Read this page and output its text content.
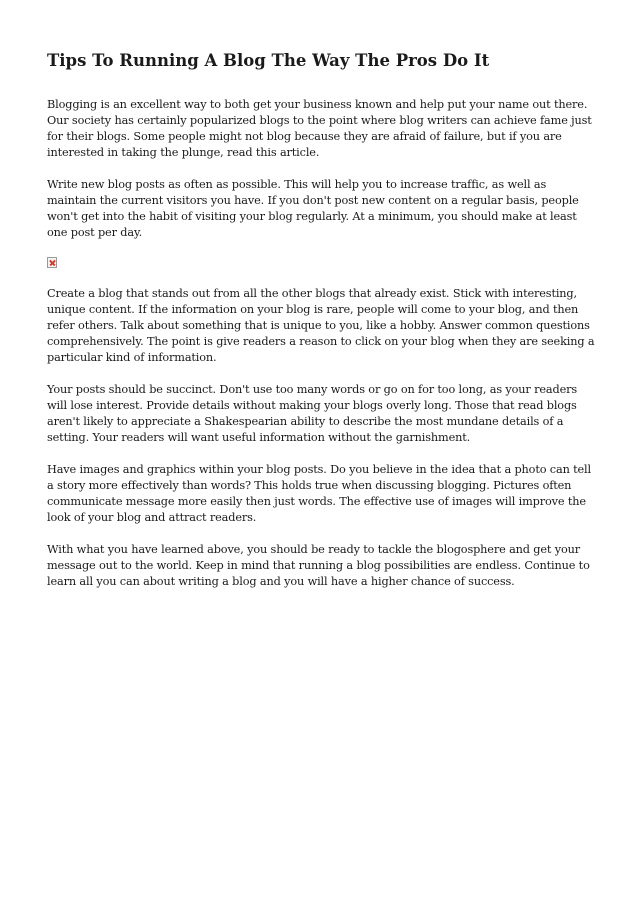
Tips To Running A Blog The Way The Pros Do It

Blogging is an excellent way to both get your business known and help put your name out there. Our society has certainly popularized blogs to the point where blog writers can achieve fame just for their blogs. Some people might not blog because they are afraid of failure, but if you are interested in taking the plunge, read this article.

Write new blog posts as often as possible. This will help you to increase traffic, as well as maintain the current visitors you have. If you don't post new content on a regular basis, people won't get into the habit of visiting your blog regularly. At a minimum, you should make at least one post per day.

Create a blog that stands out from all the other blogs that already exist. Stick with interesting, unique content. If the information on your blog is rare, people will come to your blog, and then refer others. Talk about something that is unique to you, like a hobby. Answer common questions comprehensively. The point is give readers a reason to click on your blog when they are seeking a particular kind of information.

Your posts should be succinct. Don't use too many words or go on for too long, as your readers will lose interest. Provide details without making your blogs overly long. Those that read blogs aren't likely to appreciate a Shakespearian ability to describe the most mundane details of a setting. Your readers will want useful information without the garnishment.

Have images and graphics within your blog posts. Do you believe in the idea that a photo can tell a story more effectively than words? This holds true when discussing blogging. Pictures often communicate message more easily then just words. The effective use of images will improve the look of your blog and attract readers.

With what you have learned above, you should be ready to tackle the blogosphere and get your message out to the world. Keep in mind that running a blog possibilities are endless. Continue to learn all you can about writing a blog and you will have a higher chance of success.
